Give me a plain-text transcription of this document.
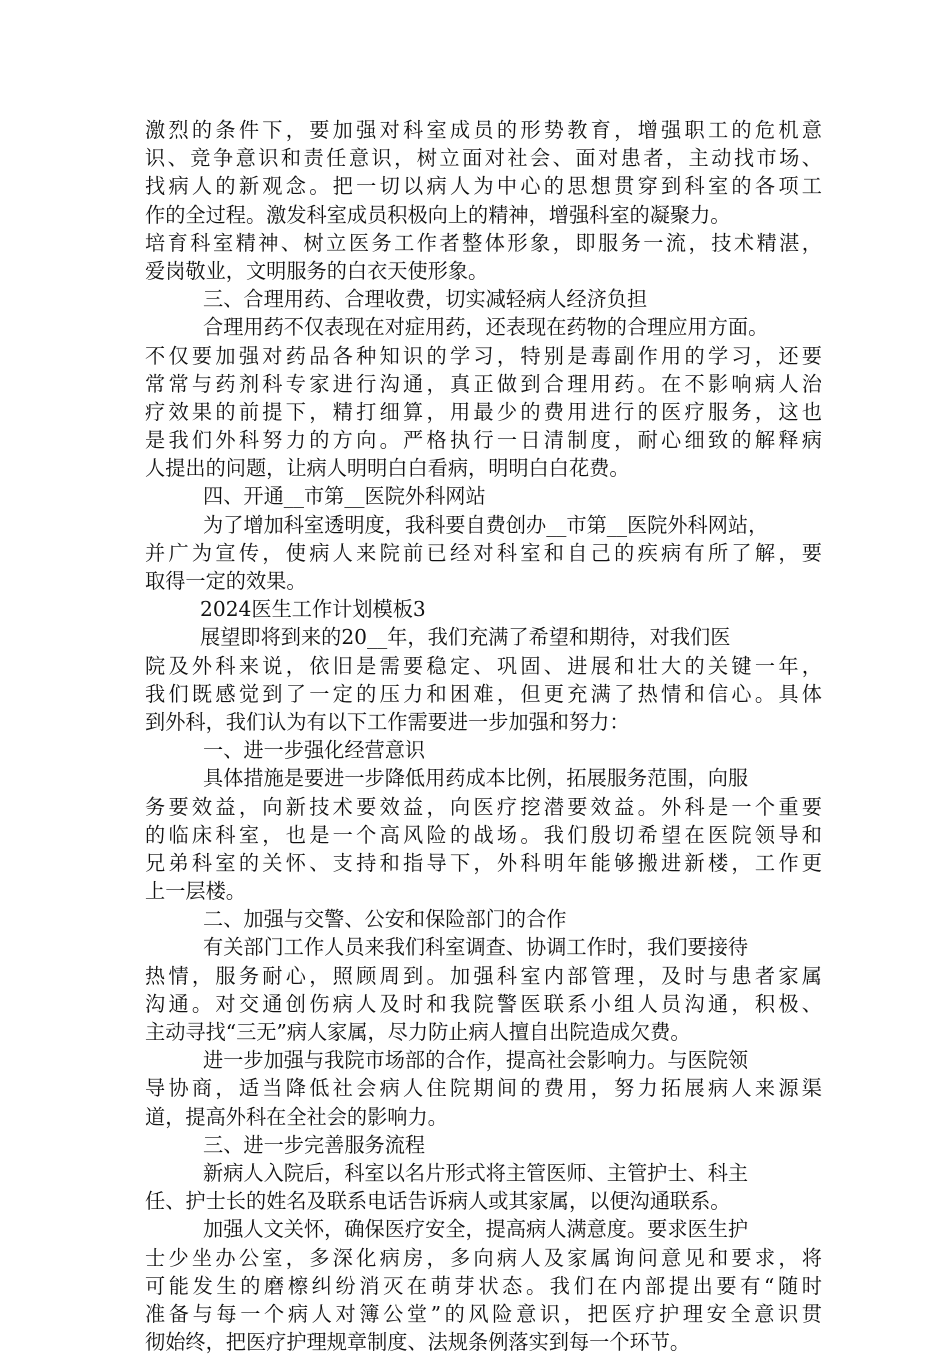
激烈的条件下，要加强对科室成员的形势教育，增强职工的危机意
识、竞争意识和责任意识，树立面对社会、面对患者，主动找市场、
找病人的新观念。把一切以病人为中心的思想贯穿到科室的各项工
作的全过程。激发科室成员积极向上的精神，增强科室的凝聚力。
培育科室精神、树立医务工作者整体形象，即服务一流，技术精湛，
爱岗敬业，文明服务的白衣天使形象。
三、合理用药、合理收费，切实减轻病人经济负担
合理用药不仅表现在对症用药，还表现在药物的合理应用方面。
不仅要加强对药品各种知识的学习，特别是毒副作用的学习，还要
常常与药剂科专家进行沟通，真正做到合理用药。在不影响病人治
疗效果的前提下，精打细算，用最少的费用进行的医疗服务，这也
是我们外科努力的方向。严格执行一日清制度，耐心细致的解释病
人提出的问题，让病人明明白白看病，明明白白花费。
四、开通__市第__医院外科网站
为了增加科室透明度，我科要自费创办__市第__医院外科网站，
并广为宣传，使病人来院前已经对科室和自己的疾病有所了解，要
取得一定的效果。
2024医生工作计划模板3
展望即将到来的20__年，我们充满了希望和期待，对我们医
院及外科来说，依旧是需要稳定、巩固、进展和壮大的关键一年，
我们既感觉到了一定的压力和困难，但更充满了热情和信心。具体
到外科，我们认为有以下工作需要进一步加强和努力：
一、进一步强化经营意识
具体措施是要进一步降低用药成本比例，拓展服务范围，向服
务要效益，向新技术要效益，向医疗挖潜要效益。外科是一个重要
的临床科室，也是一个高风险的战场。我们殷切希望在医院领导和
兄弟科室的关怀、支持和指导下，外科明年能够搬进新楼，工作更
上一层楼。
二、加强与交警、公安和保险部门的合作
有关部门工作人员来我们科室调查、协调工作时，我们要接待
热情，服务耐心，照顾周到。加强科室内部管理，及时与患者家属
沟通。对交通创伤病人及时和我院警医联系小组人员沟通，积极、
主动寻找“三无”病人家属，尽力防止病人擅自出院造成欠费。
进一步加强与我院市场部的合作，提高社会影响力。与医院领
导协商，适当降低社会病人住院期间的费用，努力拓展病人来源渠
道，提高外科在全社会的影响力。
三、进一步完善服务流程
新病人入院后，科室以名片形式将主管医师、主管护士、科主
任、护士长的姓名及联系电话告诉病人或其家属，以便沟通联系。
加强人文关怀，确保医疗安全，提高病人满意度。要求医生护
士少坐办公室，多深化病房，多向病人及家属询问意见和要求，将
可能发生的磨檫纠纷消灭在萌芽状态。我们在内部提出要有“随时
准备与每一个病人对簿公堂”的风险意识，把医疗护理安全意识贯
彻始终，把医疗护理规章制度、法规条例落实到每一个环节。
